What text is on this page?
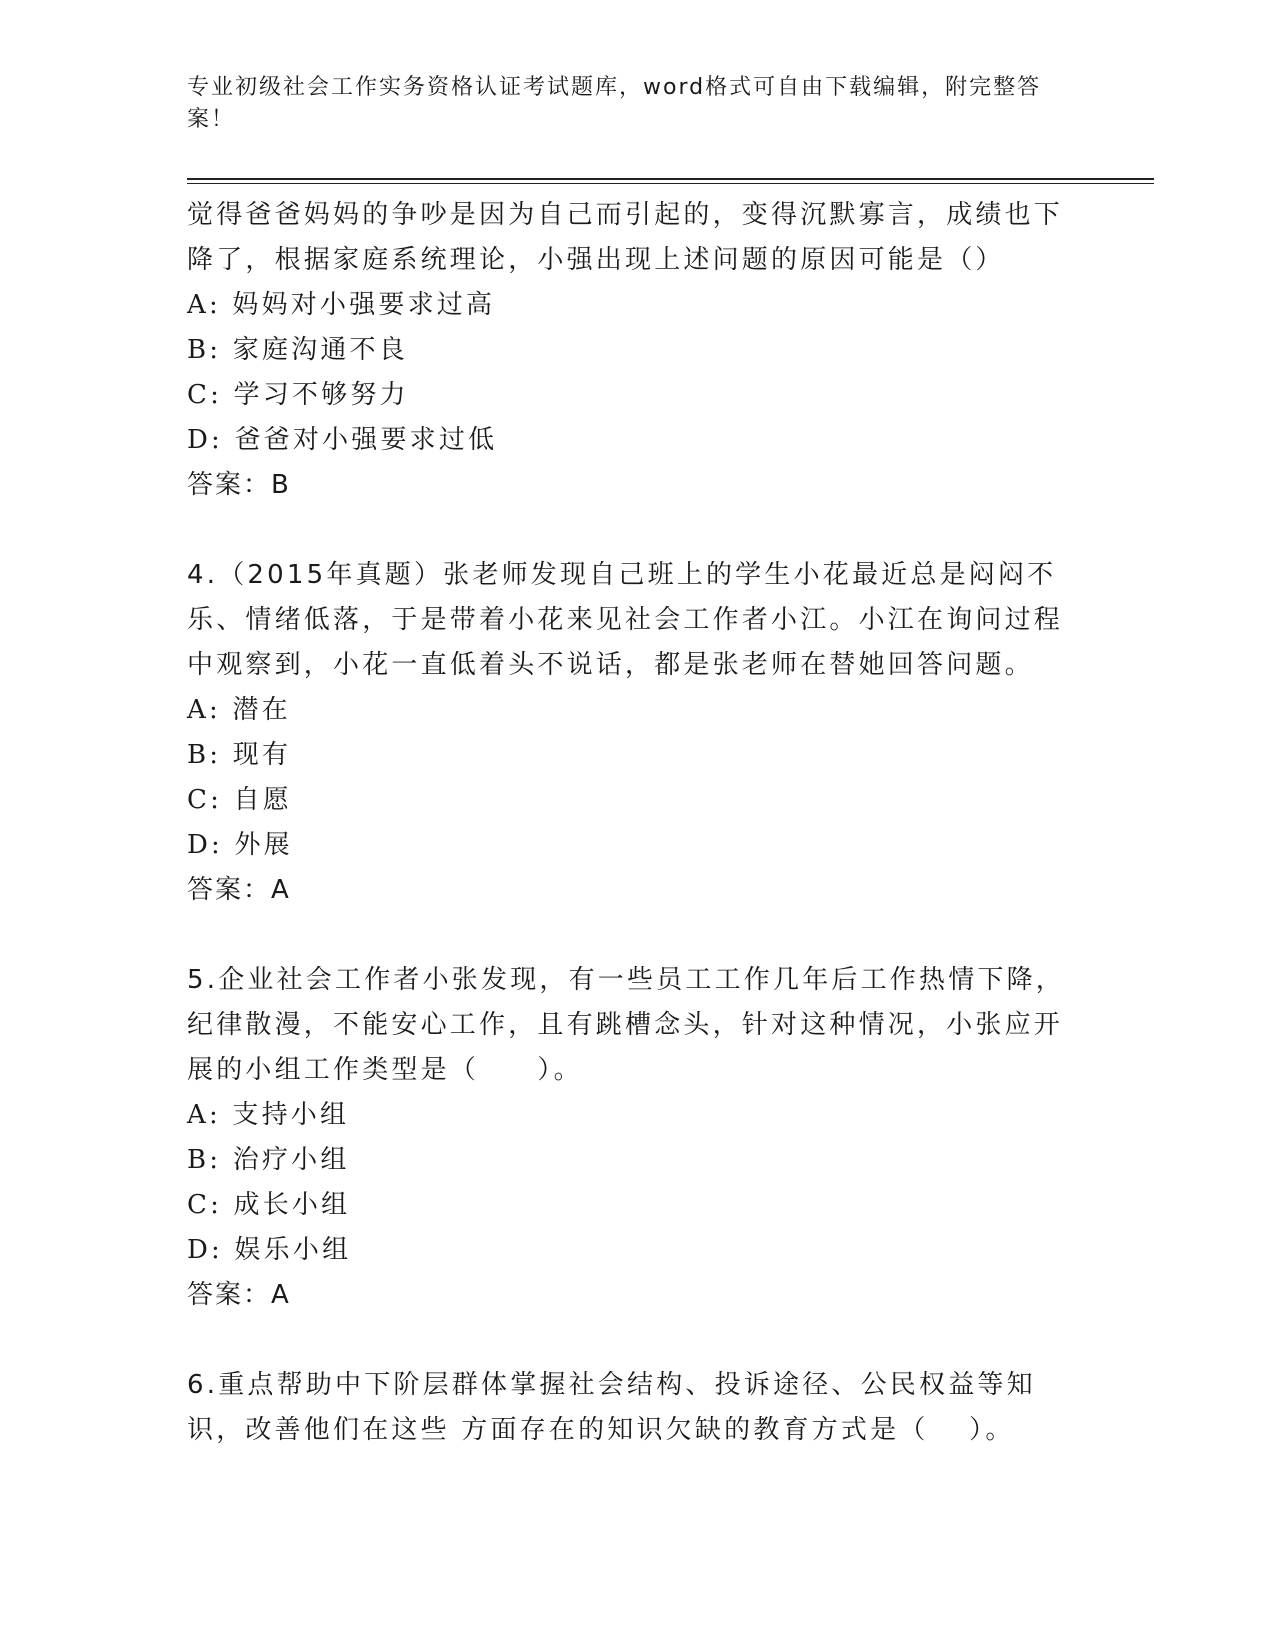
专业初级社会工作实务资格认证考试题库，word格式可自由下载编辑，附完整答案！
觉得爸爸妈妈的争吵是因为自己而引起的，变得沉默寡言，成绩也下降了，根据家庭系统理论，小强出现上述问题的原因可能是（）
A: 妈妈对小强要求过高
B: 家庭沟通不良
C: 学习不够努力
D: 爸爸对小强要求过低
答案：B
4.（2015年真题）张老师发现自己班上的学生小花最近总是闷闷不乐、情绪低落，于是带着小花来见社会工作者小江。小江在询问过程中观察到，小花一直低着头不说话，都是张老师在替她回答问题。
A: 潜在
B: 现有
C: 自愿
D: 外展
答案：A
5.企业社会工作者小张发现，有一些员工工作几年后工作热情下降，纪律散漫，不能安心工作，且有跳槽念头，针对这种情况，小张应开展的小组工作类型是（　　）。
A: 支持小组
B: 治疗小组
C: 成长小组
D: 娱乐小组
答案：A
6.重点帮助中下阶层群体掌握社会结构、投诉途径、公民权益等知识，改善他们在这些 方面存在的知识欠缺的教育方式是（　 ）。
